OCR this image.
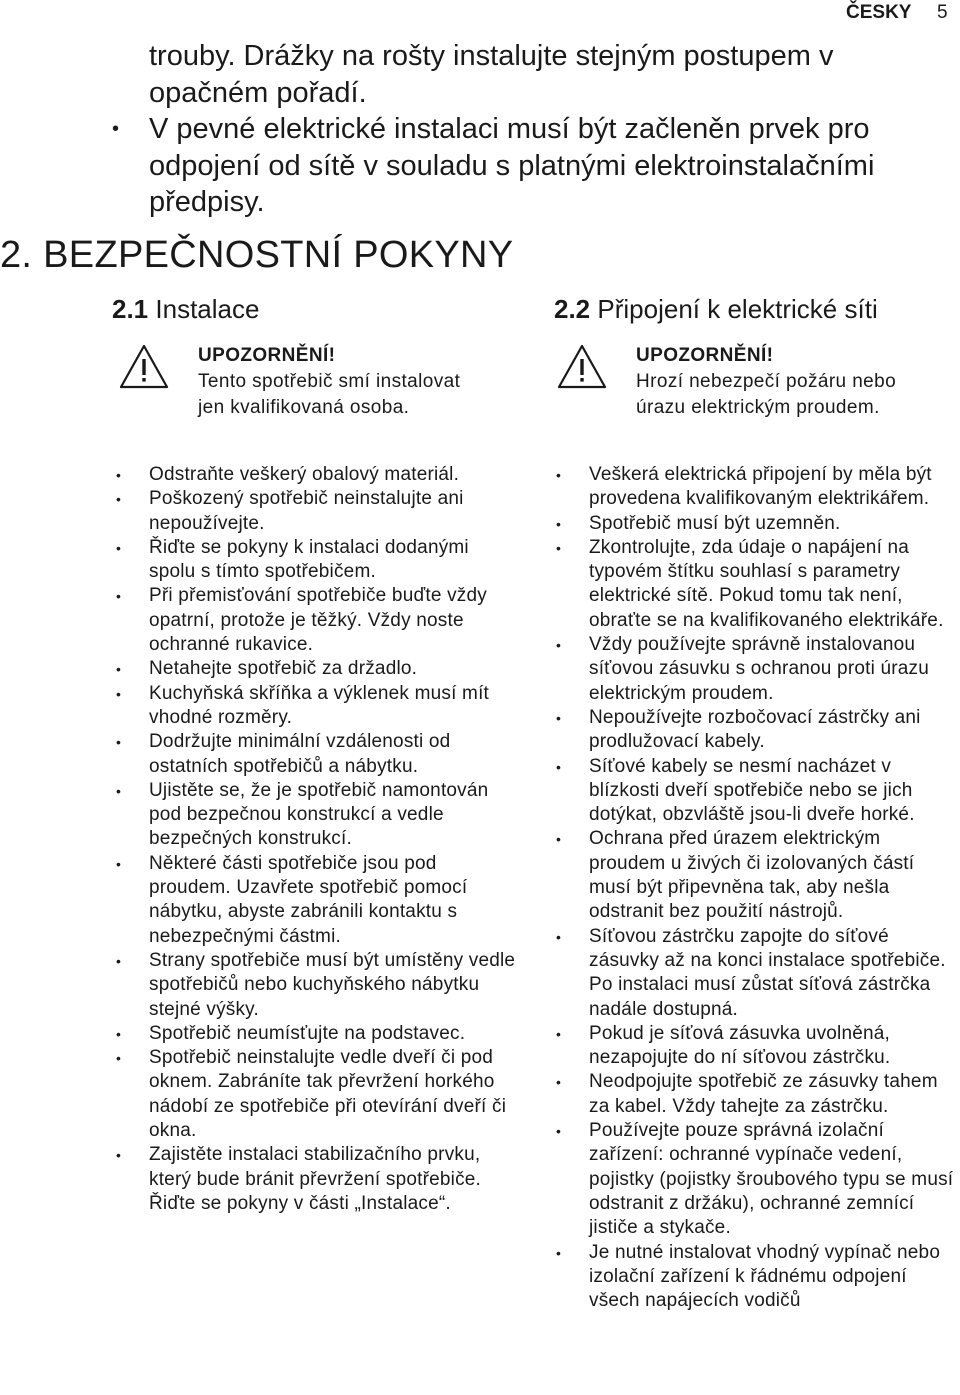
ČESKY 5
trouby. Drážky na rošty instalujte stejným postupem v opačném pořadí.
• V pevné elektrické instalaci musí být začleněn prvek pro odpojení od sítě v souladu s platnými elektroinstalačními předpisy.
2. BEZPEČNOSTNÍ POKYNY
2.1 Instalace
UPOZORNĚNÍ!
Tento spotřebič smí instalovat jen kvalifikovaná osoba.
• Odstraňte veškerý obalový materiál.
• Poškozený spotřebič neinstalujte ani nepoužívejte.
• Řiďte se pokyny k instalaci dodanými spolu s tímto spotřebičem.
• Při přemisťování spotřebiče buďte vždy opatrní, protože je těžký. Vždy noste ochranné rukavice.
• Netahejte spotřebič za držadlo.
• Kuchyňská skříňka a výklenek musí mít vhodné rozměry.
• Dodržujte minimální vzdálenosti od ostatních spotřebičů a nábytku.
• Ujistěte se, že je spotřebič namontován pod bezpečnou konstrukcí a vedle bezpečných konstrukcí.
• Některé části spotřebiče jsou pod proudem. Uzavřete spotřebič pomocí nábytku, abyste zabránili kontaktu s nebezpečnými částmi.
• Strany spotřebiče musí být umístěny vedle spotřebičů nebo kuchyňského nábytku stejné výšky.
• Spotřebič neumísťujte na podstavec.
• Spotřebič neinstalujte vedle dveří či pod oknem. Zabráníte tak převržení horkého nádobí ze spotřebiče při otevírání dveří či okna.
• Zajistěte instalaci stabilizačního prvku, který bude bránit převržení spotřebiče. Řiďte se pokyny v části „Instalace“.
2.2 Připojení k elektrické síti
UPOZORNĚNÍ!
Hrozí nebezpečí požáru nebo úrazu elektrickým proudem.
• Veškerá elektrická připojení by měla být provedena kvalifikovaným elektrikářem.
• Spotřebič musí být uzemněn.
• Zkontrolujte, zda údaje o napájení na typovém štítku souhlasí s parametry elektrické sítě. Pokud tomu tak není, obraťte se na kvalifikovaného elektrikáře.
• Vždy používejte správně instalovanou síťovou zásuvku s ochranou proti úrazu elektrickým proudem.
• Nepoužívejte rozbočovací zástrčky ani prodlužovací kabely.
• Síťové kabely se nesmí nacházet v blízkosti dveří spotřebiče nebo se jich dotýkat, obzvláště jsou-li dveře horké.
• Ochrana před úrazem elektrickým proudem u živých či izolovaných částí musí být připevněna tak, aby nešla odstranit bez použití nástrojů.
• Síťovou zástrčku zapojte do síťové zásuvky až na konci instalace spotřebiče. Po instalaci musí zůstat síťová zástrčka nadále dostupná.
• Pokud je síťová zásuvka uvolněná, nezapojujte do ní síťovou zástrčku.
• Neodpojujte spotřebič ze zásuvky tahem za kabel. Vždy tahejte za zástrčku.
• Používejte pouze správná izolační zařízení: ochranné vypínače vedení, pojistky (pojistky šroubového typu se musí odstranit z držáku), ochranné zemnící jističe a stykače.
• Je nutné instalovat vhodný vypínač nebo izolační zařízení k řádnému odpojení všech napájecích vodičů
